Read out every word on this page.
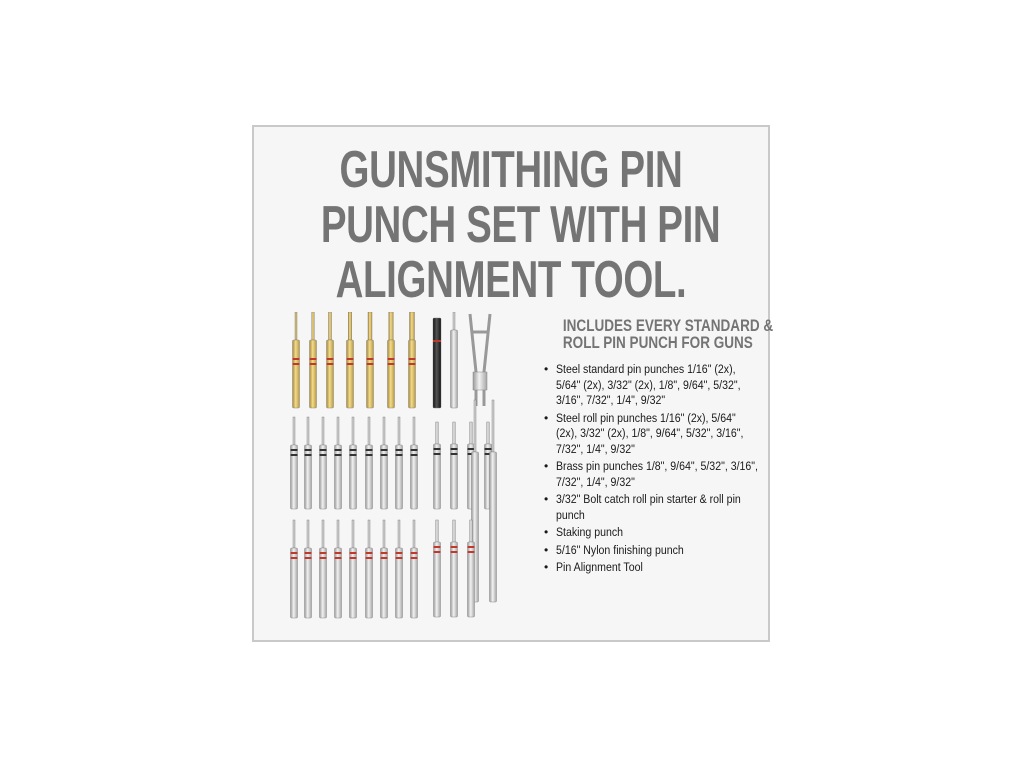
GUNSMITHING PIN
PUNCH SET WITH PIN
ALIGNMENT TOOL.
INCLUDES EVERY STANDARD &
ROLL PIN PUNCH FOR GUNS
• Steel standard pin punches 1/16" (2x), 5/64" (2x), 3/32" (2x), 1/8", 9/64", 5/32", 3/16", 7/32", 1/4", 9/32"
• Steel roll pin punches 1/16" (2x), 5/64" (2x), 3/32" (2x), 1/8", 9/64", 5/32", 3/16", 7/32", 1/4", 9/32"
• Brass pin punches 1/8", 9/64", 5/32", 3/16", 7/32", 1/4", 9/32"
• 3/32" Bolt catch roll pin starter & roll pin punch
• Staking punch
• 5/16" Nylon finishing punch
• Pin Alignment Tool
